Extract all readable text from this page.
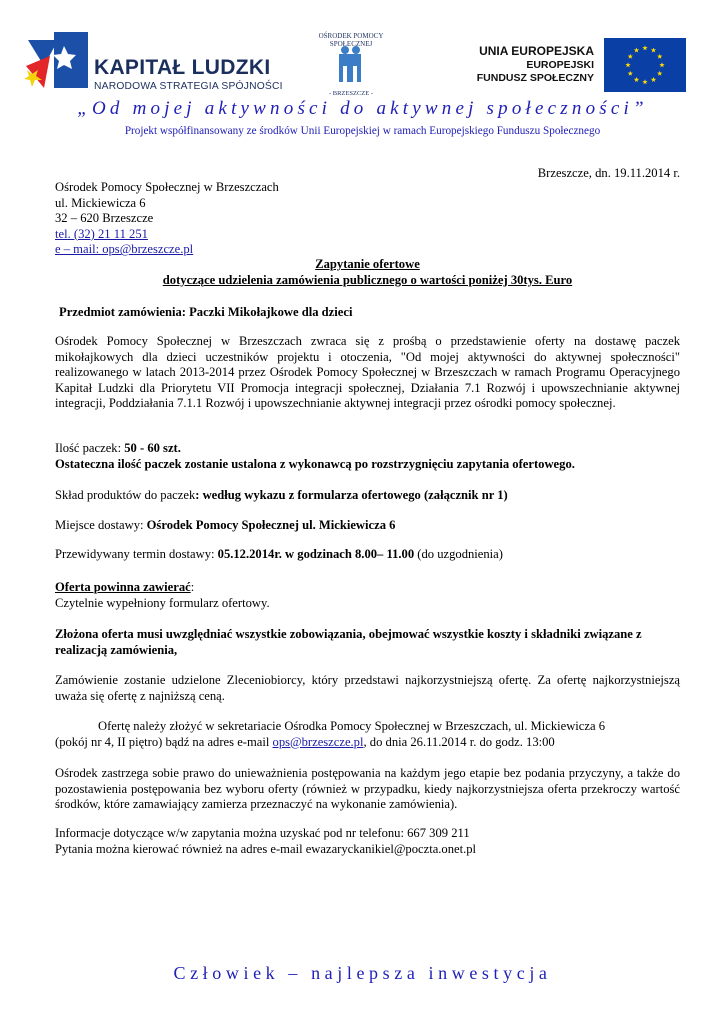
KAPITAŁ LUDZKI
NARODOWA STRATEGIA SPÓJNOŚCI
OŚRODEK POMOCY SPOŁECZNEJ
- BRZESZCZE -
UNIA EUROPEJSKA
EUROPEJSKI
FUNDUSZ SPOŁECZNY
„Od mojej aktywności do aktywnej społeczności”
Projekt współfinansowany ze środków Unii Europejskiej w ramach Europejskiego Funduszu Społecznego
Brzeszcze, dn. 19.11.2014 r.
Ośrodek Pomocy Społecznej w Brzeszczach
ul. Mickiewicza 6
32 – 620 Brzeszcze
tel. (32) 21 11 251
e – mail: ops@brzeszcze.pl
Zapytanie ofertowe
dotyczące udzielenia zamówienia publicznego o wartości poniżej 30tys. Euro
Przedmiot zamówienia: Paczki Mikołajkowe dla dzieci
Ośrodek Pomocy Społecznej w Brzeszczach zwraca się z prośbą o przedstawienie oferty na dostawę paczek mikołajkowych dla dzieci uczestników projektu i otoczenia, "Od mojej aktywności do aktywnej społeczności" realizowanego w latach 2013-2014 przez Ośrodek Pomocy Społecznej w Brzeszczach w ramach Programu Operacyjnego Kapitał Ludzki dla Priorytetu VII Promocja integracji społecznej, Działania 7.1 Rozwój i upowszechnianie aktywnej integracji, Poddziałania 7.1.1 Rozwój i upowszechnianie aktywnej integracji przez ośrodki pomocy społecznej.
Ilość paczek: 50 - 60 szt.
Ostateczna ilość paczek zostanie ustalona z wykonawcą po rozstrzygnięciu zapytania ofertowego.
Skład produktów do paczek: według wykazu z formularza ofertowego (załącznik nr 1)
Miejsce dostawy: Ośrodek Pomocy Społecznej ul. Mickiewicza 6
Przewidywany termin dostawy: 05.12.2014r. w godzinach 8.00– 11.00 (do uzgodnienia)
Oferta powinna zawierać:
Czytelnie wypełniony formularz ofertowy.
Złożona oferta musi uwzględniać wszystkie zobowiązania, obejmować wszystkie koszty i składniki związane z realizacją zamówienia,
Zamówienie zostanie udzielone Zleceniobiorcy, który przedstawi najkorzystniejszą ofertę. Za ofertę najkorzystniejszą uważa się ofertę z najniższą ceną.
Ofertę należy złożyć w sekretariacie Ośrodka Pomocy Społecznej w Brzeszczach, ul. Mickiewicza 6
(pokój nr 4, II piętro) bądź na adres e-mail ops@brzeszcze.pl, do dnia 26.11.2014 r. do godz. 13:00
Ośrodek zastrzega sobie prawo do unieważnienia postępowania na każdym jego etapie bez podania przyczyny, a także do pozostawienia postępowania bez wyboru oferty (również w przypadku, kiedy najkorzystniejsza oferta przekroczy wartość środków, które zamawiający zamierza przeznaczyć na wykonanie zamówienia).
Informacje dotyczące w/w zapytania można uzyskać pod nr telefonu: 667 309 211
Pytania można kierować również na adres e-mail ewazaryckanikiel@poczta.onet.pl
Człowiek – najlepsza inwestycja
